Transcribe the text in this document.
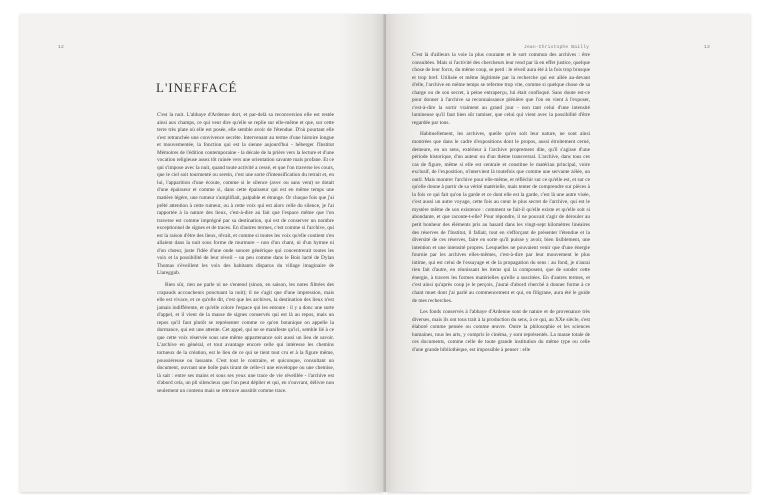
12
L'INEFFACÉ

C'est la nuit. L'abbaye d'Ardenne dort, et par-delà sa reconversion elle est restée ainsi aux champs, ce qui veut dire qu'elle se replie sur elle-même et que, sur cette terre très plate où elle est posée, elle semble avoir de l'étendue. D'où pourtant elle s'est retranchée une convivence secrète. Intervenant au terme d'une histoire longue et mouvementée, la fonction qui est la sienne aujourd'hui - héberger l'Institut Mémoires de l'édition contemporaine - la décale de la prière vers la lecture et d'une vocation religieuse assez tôt ruinée vers une orientation savante mais profane. Et ce qui s'impose avec la nuit, quand toute activité a cessé, et que l'on traverse les cours, que le ciel soit tourmenté ou serein, c'est une sorte d'intensification du retrait et, en lui, l'apparition d'une écoute, comme si le silence (avec ou sans vent) se dotait d'une épaisseur et comme si, dans cette épaisseur qui est en même temps une matière légère, une rumeur s'amplifiait, palpable et étrange. Or chaque fois que j'ai prêté attention à cette rumeur, ou à cette voix qui est alors celle du silence, je l'ai rapportée à la nature des lieux, c'est-à-dire au fait que l'espace même que l'on traverse est comme imprégné par sa destination, qui est de conserver un nombre exceptionnel de signes et de traces. En d'autres termes, c'est comme si l'archive, qui est la raison d'être des lieux, rêvait, et comme si toutes les voix qu'elle contient s'en allaient dans la nuit sous forme de murmure – non d'un chant, ni d'un hymne ni d'un chœur, juste l'idée d'une onde sonore générique qui concentrerait toutes les voix et la possibilité de leur réveil – un peu comme dans le Bois lacté de Dylan Thomas s'éveillent les voix des habitants disparus du village imaginaire de Llareggub.

Bien sûr, rien ne parle ni ne s'entend (sinon, en saison, les notes filtrées des crapauds accoucheurs ponctuant la nuit); il ne s'agit que d'une impression, mais elle est vivace, et ce qu'elle dit, c'est que les archives, la destination des lieux n'est jamais indifférente, et qu'elle colore l'espace qui les entoure : il y a donc une sorte d'appel, et il vient de la masse de signes conservés qui est là au repos, mais un repos qu'il faut plutôt se représenter comme ce qu'en botanique on appelle la dormance, qui est une attente. Cet appel, qui ne se manifeste qu'ici, semble lié à ce que cette voix réservée sous une même appartenance soit aussi un lieu de savoir. L'archive en général, et tout avantage encore celle qui intéresse les chemins tortueux de la création, est le lieu de ce qui se tient tout cru et à la figure même, poussiéreuse ou lassante. C'est tout le contraire, et quiconque, consultant un document, ouvrant une boîte puis tirant de celle-ci une enveloppe ou une chemise, là sait : entre ses mains et sous ses yeux une trace de vie réveillée - l'archive est d'abord cela, un pli silencieux que l'on peut déplier et qui, en s'ouvrant, délivre non seulement un contenu mais se retrouve aussitôt comme trace.

Jean-Christophe Bailly	13

C'est là d'ailleurs la voie la plus courante et le sort commun des archives : être consultées. Mais si l'activité des chercheurs leur rend par là en effet justice, quelque chose de leur force, du même coup, se perd : le réveil aura été à la fois trop brusque et trop bref. Utilisée et même légitimée par la recherche qui est allée au-devant d'elle, l'archive en même temps se referme trop vite, comme si quelque chose de sa charge ou de son secret, à peine entraperçu, lui était confisqué. Sans doute est-ce pour donner à l'archive sa reconnaissance plénière que l'on en vient à l'exposer, c'est-à-dire la sortir vraiment au grand jour - non tant celui d'une intensité lumineuse qu'il faut bien sûr tamiser, que celui qui vient avec la possibilité d'être regardée par tous.

Habituellement, les archives, quelle qu'en soit leur nature, ne sont ainsi montrées que dans le cadre d'expositions dont le propos, aussi étroitement cerné, demeure, en un sens, extérieur à l'archive proprement dite, qu'il s'agisse d'une période historique, d'un auteur ou d'un thème transversal. L'archive, dans tous ces cas de figure, même si elle est centrale et constitue le matériau principal, voire exclusif, de l'exposition, n'intervient là toutefois que comme une servante zélée, un outil. Mais montrer l'archive pour elle-même, et réfléchir sur ce qu'elle est, et sur ce qu'elle donne à partir de sa vérité matérielle, mais tenter de comprendre sur pièces à la fois ce qui fait qu'on la garde et ce dont elle est la garde, c'est là une autre visée, c'est aussi un autre voyage, cette fois au cœur le plus secret de l'archive, qui est le mystère même de son existence : comment se fait-il qu'elle existe et qu'elle soit si abondante, et que raconte-t-elle? Pour répondre, il ne pouvait s'agir de dérouler au petit bonheur des éléments pris au hasard dans les vingt-sept kilomètres linéaires des réserves de l'Institut, il fallait, tout en s'efforçant de présenter l'étendue et la diversité de ces réserves, faire en sorte qu'il puisse y avoir, bien lisiblement, une intention et une intensité propres. Lesquelles ne pouvaient venir que d'une énergie fournie par les archives elles-mêmes, c'est-à-dire par leur mouvement le plus intime, qui est celui de l'essayage et de la propagation du sens : au fond, je n'aurai rien fait d'autre, en réunissant les items qui la composent, que de sonder cette énergie, à travers les formes matérielles qu'elle a suscitées. En d'autres termes, et c'est ainsi qu'après coup je le perçois, j'aurai d'abord cherché à donner forme à ce chant muet dont j'ai parlé au commencement et qui, en filigrane, aura été le guide de mes recherches.

Les fonds conservés à l'abbaye d'Ardenne sont de nature et de provenance très diverses, mais ils ont tous trait à la production du sens, à ce qui, au XXe siècle, s'est élaboré comme pensée ou comme œuvre. Outre la philosophie et les sciences humaines, tous les arts, y compris le cinéma, y sont représentés. La masse totale de ces documents, comme celle de toute grande institution du même type ou celle d'une grande bibliothèque, est impossible à penser : elle
